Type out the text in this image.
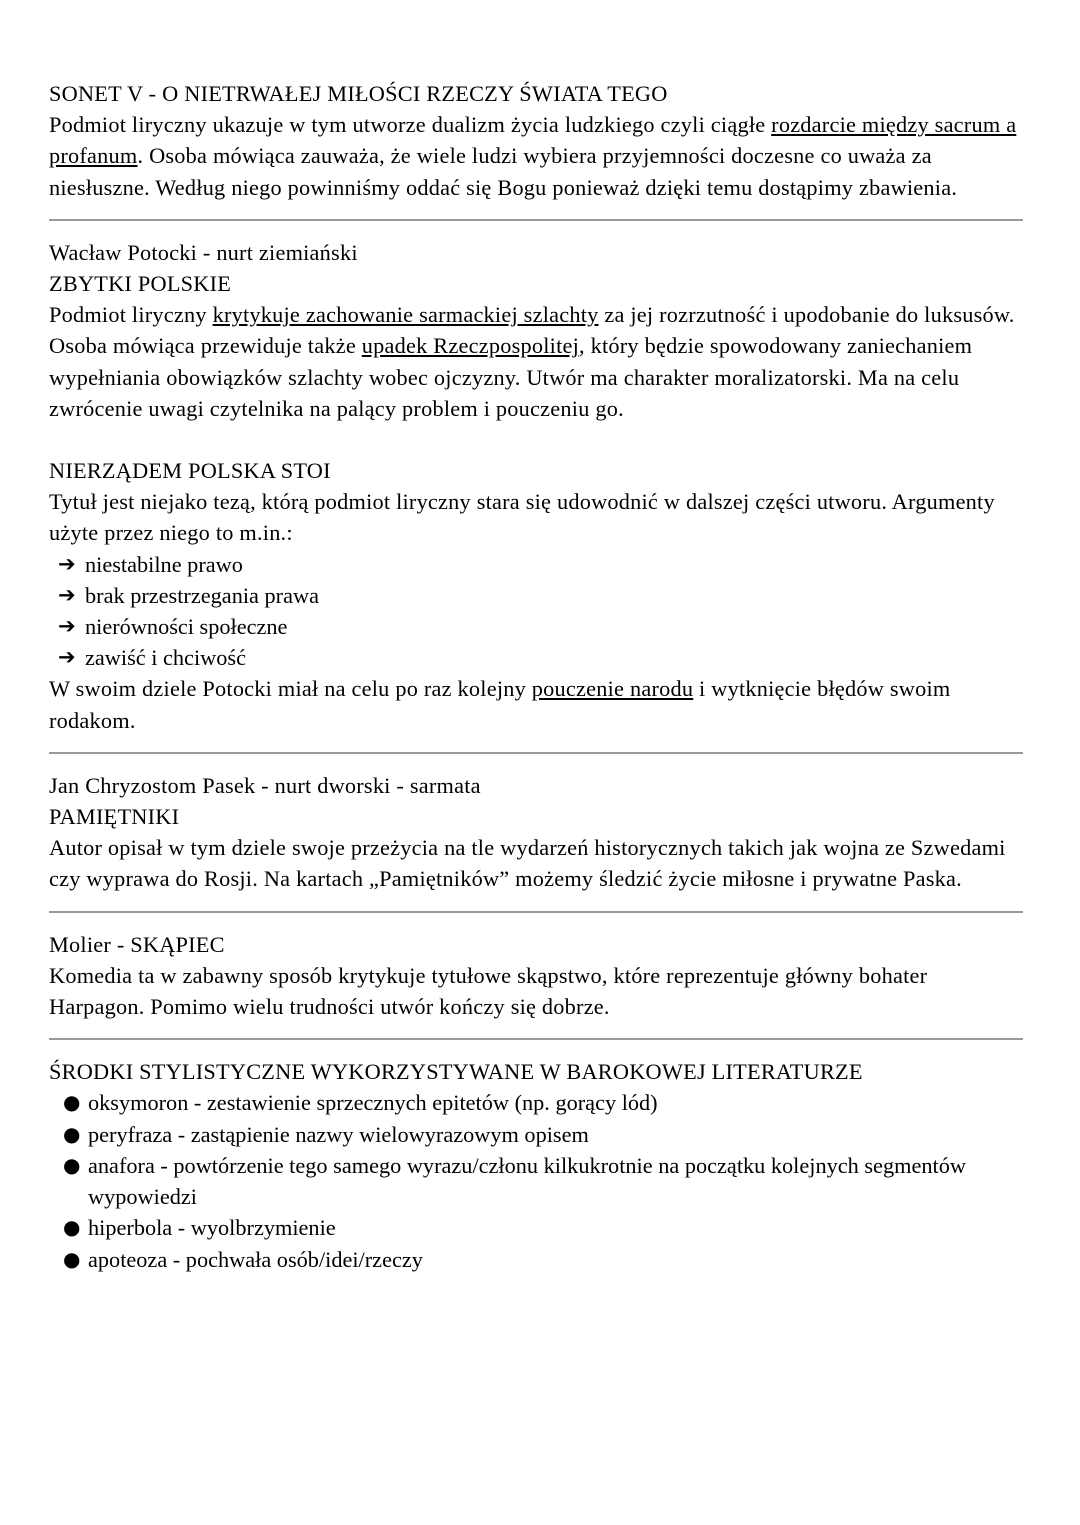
SONET V - O NIETRWAŁEJ MIŁOŚCI RZECZY ŚWIATA TEGO

Podmiot liryczny ukazuje w tym utworze dualizm życia ludzkiego czyli ciągłe rozdarcie między sacrum a profanum. Osoba mówiąca zauważa, że wiele ludzi wybiera przyjemności doczesne co uważa za niesłuszne. Według niego powinniśmy oddać się Bogu ponieważ dzięki temu dostąpimy zbawienia.

Wacław Potocki - nurt ziemiański
ZBYTKI POLSKIE

Podmiot liryczny krytykuje zachowanie sarmackiej szlachty za jej rozrzutność i upodobanie do luksusów. Osoba mówiąca przewiduje także upadek Rzeczpospolitej, który będzie spowodowany zaniechaniem wypełniania obowiązków szlachty wobec ojczyzny. Utwór ma charakter moralizatorski. Ma na celu zwrócenie uwagi czytelnika na palący problem i pouczeniu go.

NIERZĄDEM POLSKA STOI

Tytuł jest niejako tezą, którą podmiot liryczny stara się udowodnić w dalszej części utworu. Argumenty użyte przez niego to m.in.:

➔ niestabilne prawo
➔ brak przestrzegania prawa
➔ nierówności społeczne
➔ zawiść i chciwość

W swoim dziele Potocki miał na celu po raz kolejny pouczenie narodu i wytknięcie błędów swoim rodakom.

Jan Chryzostom Pasek - nurt dworski - sarmata
PAMIĘTNIKI

Autor opisał w tym dziele swoje przeżycia na tle wydarzeń historycznych takich jak wojna ze Szwedami czy wyprawa do Rosji. Na kartach „Pamiętników” możemy śledzić życie miłosne i prywatne Paska.

Molier - SKĄPIEC

Komedia ta w zabawny sposób krytykuje tytułowe skąpstwo, które reprezentuje główny bohater Harpagon. Pomimo wielu trudności utwór kończy się dobrze.

ŚRODKI STYLISTYCZNE WYKORZYSTYWANE W BAROKOWEJ LITERATURZE
● oksymoron - zestawienie sprzecznych epitetów (np. gorący lód)
● peryfraza - zastąpienie nazwy wielowyrazowym opisem
● anafora - powtórzenie tego samego wyrazu/członu kilkukrotnie na początku kolejnych segmentów wypowiedzi
● hiperbola - wyolbrzymienie
● apoteoza - pochwała osób/idei/rzeczy
